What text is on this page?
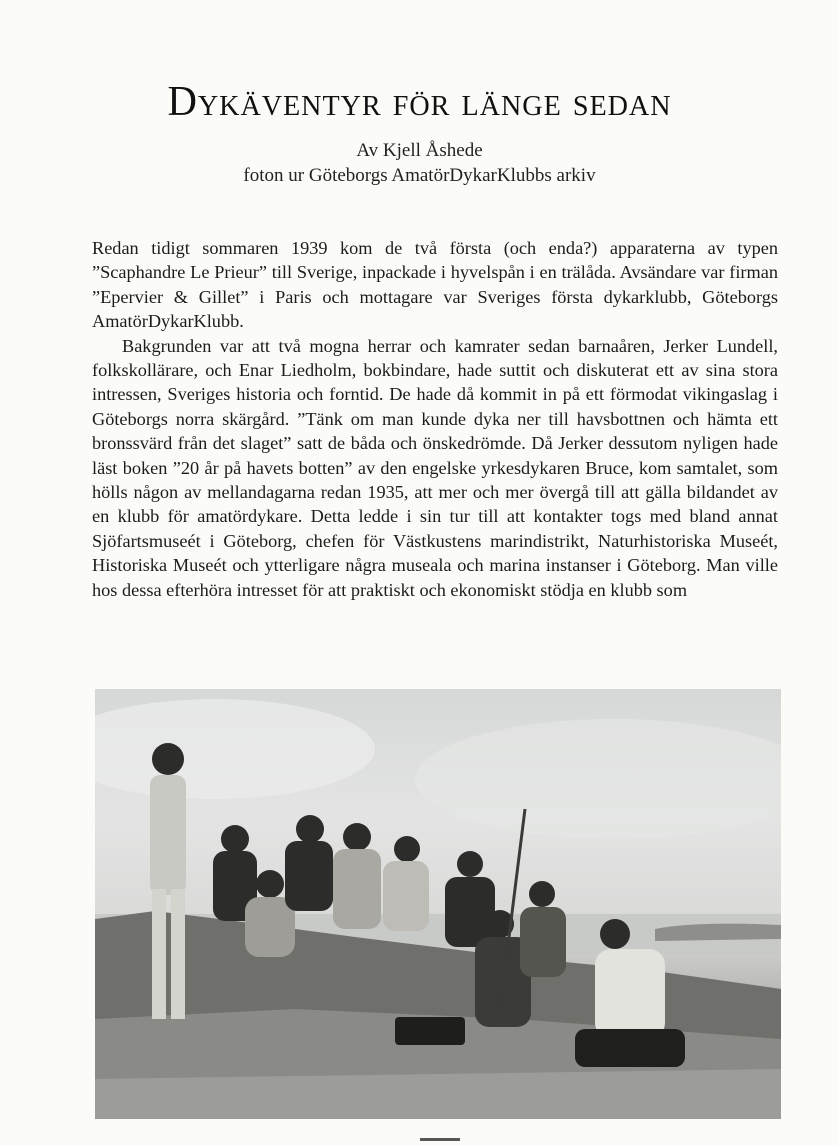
Dykäventyr för länge sedan
Av Kjell Åshede
foton ur Göteborgs AmatörDykarKlubbs arkiv

Redan tidigt sommaren 1939 kom de två första (och enda?) apparaterna av typen ”Scaphandre Le Prieur” till Sverige, inpackade i hyvelspån i en trälåda. Avsändare var firman ”Epervier & Gillet” i Paris och mottagare var Sveriges första dykarklubb, Göteborgs AmatörDykarKlubb.

Bakgrunden var att två mogna herrar och kamrater sedan barnaåren, Jerker Lundell, folkskollärare, och Enar Liedholm, bokbindare, hade suttit och diskuterat ett av sina stora intressen, Sveriges historia och forntid. De hade då kommit in på ett förmodat vikingaslag i Göteborgs norra skärgård. ”Tänk om man kunde dyka ner till havsbottnen och hämta ett bronssvärd från det slaget” satt de båda och önskedrömde. Då Jerker dessutom nyligen hade läst boken ”20 år på havets botten” av den engelske yrkesdykaren Bruce, kom samtalet, som hölls någon av mellandagarna redan 1935, att mer och mer övergå till att gälla bildandet av en klubb för amatördykare. Detta ledde i sin tur till att kontakter togs med bland annat Sjöfartsmuseét i Göteborg, chefen för Västkustens marindistrikt, Naturhistoriska Museét, Historiska Museét och ytterligare några museala och marina instanser i Göteborg. Man ville hos dessa efterhöra intresset för att praktiskt och ekonomiskt stödja en klubb som
